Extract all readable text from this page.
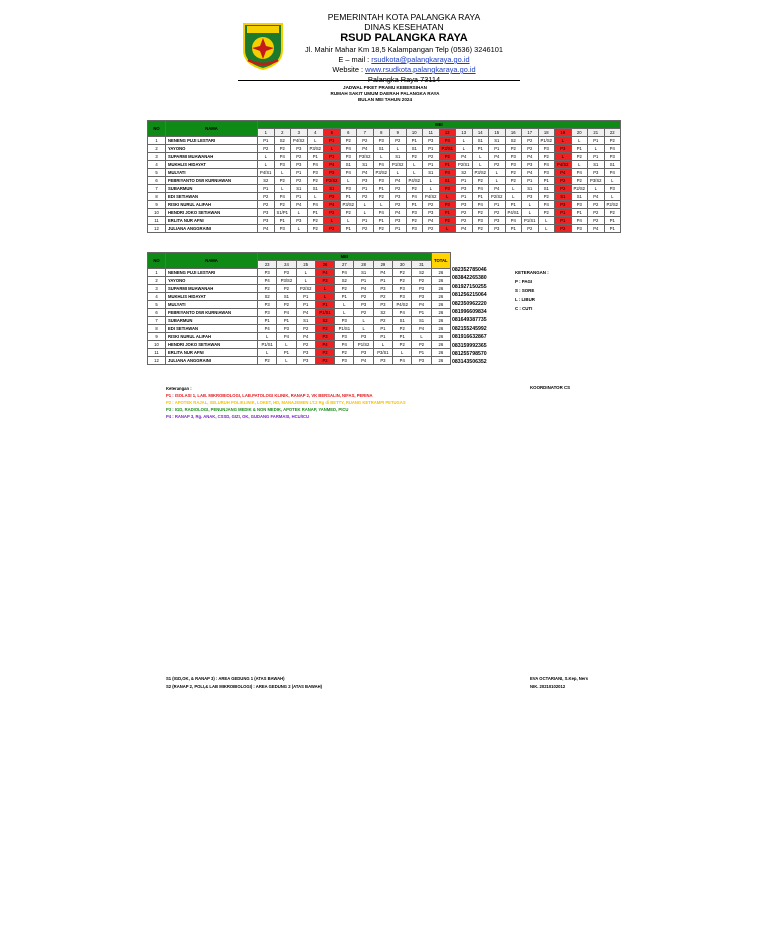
PEMERINTAH KOTA PALANGKA RAYA
DINAS KESEHATAN
RSUD PALANGKA RAYA
Jl. Mahir Mahar Km 18,5 Kalampangan Telp (0536) 3246101
E – mail : rsudkota@palangkaraya.go.id
Website : www.rsudkota.palangkaraya.go.id
Palangka Raya 73114
JADWAL PIKET PRAMU KEBERSIHAN
RUMAH SAKIT UMUM DAERAH PALANGKA RAYA
BULAN MEI TAHUN 2024
NO	NAMA	MEI																					
		1	2	3	4	5	6	7	8	9	10	11	12	13	14	15	16	17	18	19	20	21	22
1	NENENG PUJI LESTARI	P1	S2	P4/S2	L	P1	P2	P2	P3	P2	P1	P3	P4	L	S1	S1	S2	P2	P1/S2	L	L	P1	P2
2	YAYONO	P2	P2	P3	P3/S2	L	P4	P4	S1	L	S1	P1	P3/S1	L	P1	P1	P2	P2	P3	P3	P1	L	P4
3	SUPARMI MUAWANAH	L	P4	P2	P1	P1	P3	P3/S2	L	S1	P2	P2	P2	P4	L	P4	P3	P4	P2	L	P2	P1	P3
4	MUKHLIS HIDAYAT	L	P3	P3	P4	P4	S1	S1	P4	P1/S2	L	P1	P1	P2/S1	L	P2	P3	P3	P4	P4/S2	L	S1	S1
5	MULYATI	P4/S1	L	P1	P3	P3	P4	P4	P3/S2	L	L	S1	P4	S2	P3/S2	L	P2	P4	P3	P4	P4	P3	P4
6	FEBRIYANTO DWI KURNIAWAN	S2	P2	P2	P2	P2/S2	L	P3	P3	P4	P4/S2	L	S1	P1	P2	L	P2	P1	P1	P2	P2	P3/S2	L
7	SUBARMUN	P1	L	S1	S1	S1	P3	P1	P1	P2	P2	L	P3	P3	P4	P4	L	S1	S1	P2	P2/S2	L	P3
8	EDI SETIAWAN	P2	P4	P1	L	P3	P1	P2	P2	P3	P4	P4/S2	L	P1	P1	P2/S2	L	P3	P2	S1	S1	P4	L
9	RISKI NURUL ALIFAH	P2	P2	P4	P4	P4	P3/S2	L	L	P2	P1	P2	P3	P3	P4	P1	P1	L	P4	P3	P3	P2	P2/S2
10	HENDRI JOKO SETIAWAN	P3	S1/P1	L	P1	P2	P2	L	P4	P4	P3	P3	P1	P2	P2	P2	P4/S1	L	P2	P1	P1	P2	P2
11	ERLITA NUR AFNI	P3	P1	P3	P2	L	L	P1	P1	P3	P2	P4	P2	P2	P3	P3	P4	P1/S1	L	P1	P4	P2	P1
12	JULIANA ANGGRAINI	P4	P3	L	P2	P2	P1	P2	P2	P1	P3	P2	L	P4	P2	P3	P1	P2	L	P2	P3	P4	P1
NO	NAMA	MEI									TOTAL
		23	24	25	26	27	28	29	30	31	
1	NENENG PUJI LESTARI	P3	P3	L	P4	P4	S1	P4	P2	S2	26
2	YAYONO	P4	P3/S2	L	P3	S2	P1	P1	P2	P2	26
3	SUPARMI MUAWANAH	P2	P2	P2/S2	L	P2	P4	P3	P3	P3	26
4	MUKHLIS HIDAYAT	S2	S1	P1	L	P1	P2	P2	P3	P3	26
5	MULYATI	P3	P2	P1	P1	L	P3	P3	P4/S2	P4	26
6	FEBRIYANTO DWI KURNIAWAN	P3	P4	P4	P1/S1	L	P2	S2	P4	P1	26
7	SUBARMUN	P1	P1	S1	S2	P3	L	P2	S1	S1	26
8	EDI SETIAWAN	P4	P3	P2	P2	P1/S1	L	P1	P2	P4	26
9	RISKI NURUL ALIFAH	L	P4	P4	P3	P3	P3	P1	P1	L	26
10	HENDRI JOKO SETIAWAN	P1/S1	L	P2	P4	P4	P1/S2	L	P2	P2	26
11	ERLITA NUR AFNI	L	P1	P3	P2	P2	P3	P3/S1	L	P1	26
12	JULIANA ANGGRAINI	P2	L	P3	P2	P3	P4	P3	P4	P3	26
082352785046
083842265380
081927150255
081256215064
082350962220
081996609834
081649387735
082155245992
081916632867
083159992365
081255798570
083143506352
KETERANGAN :
P : PAGI
S : SORE
L : LIBUR
C : CUTI
Keterangan :
P1 : ISOLASI 1, LAB. MIKROBIOLOGI, LAB.PATOLOGI KLINIK, RANAP 2, VK BERSALIN, NIFAS, PERINA
P2 : APOTEK RAJAL, SELURUH POLIKLINIK, LOKET, HD, MANAJEMEN LT.2 Rg di BETTY, RUANG KETRAMPI PETUGAS
P3 : IGD, RADIOLOGI, PENUNJANG MEDIK & NON MEDIK, APOTEK RANAP, YANMED, PICU
P4 : RANAP 3, Rg. ANAK, CSSD, GIZI, OK, GUDANG FARMASI, HCU/ICU
KOORDINATOR CS
S1 (IGD,OK, & RANAP 3) : AREA GEDUNG 1 (ATAS BAWAH)
S2 (RANAP 2, POLI,& LAB MIKROBIOLOGI) : AREA GEDUNG 2 (ATAS BAWAH)
EVA OCTARIANI, S.Kep, Ners
NIK. 20210102012
